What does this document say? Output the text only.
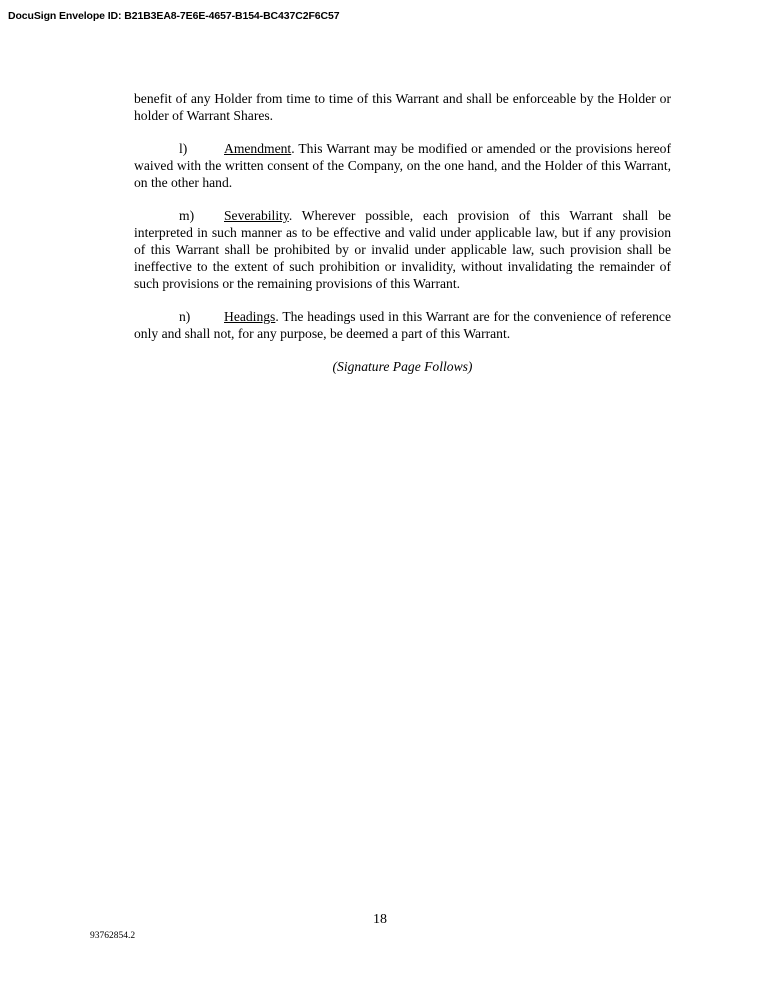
DocuSign Envelope ID: B21B3EA8-7E6E-4657-B154-BC437C2F6C57

benefit of any Holder from time to time of this Warrant and shall be enforceable by the Holder or holder of Warrant Shares.

l)	Amendment. This Warrant may be modified or amended or the provisions hereof waived with the written consent of the Company, on the one hand, and the Holder of this Warrant, on the other hand.

m) Severability. Wherever possible, each provision of this Warrant shall be interpreted in such manner as to be effective and valid under applicable law, but if any provision of this Warrant shall be prohibited by or invalid under applicable law, such provision shall be ineffective to the extent of such prohibition or invalidity, without invalidating the remainder of such provisions or the remaining provisions of this Warrant.

n) Headings. The headings used in this Warrant are for the convenience of reference only and shall not, for any purpose, be deemed a part of this Warrant.

(Signature Page Follows)

18
93762854.2
